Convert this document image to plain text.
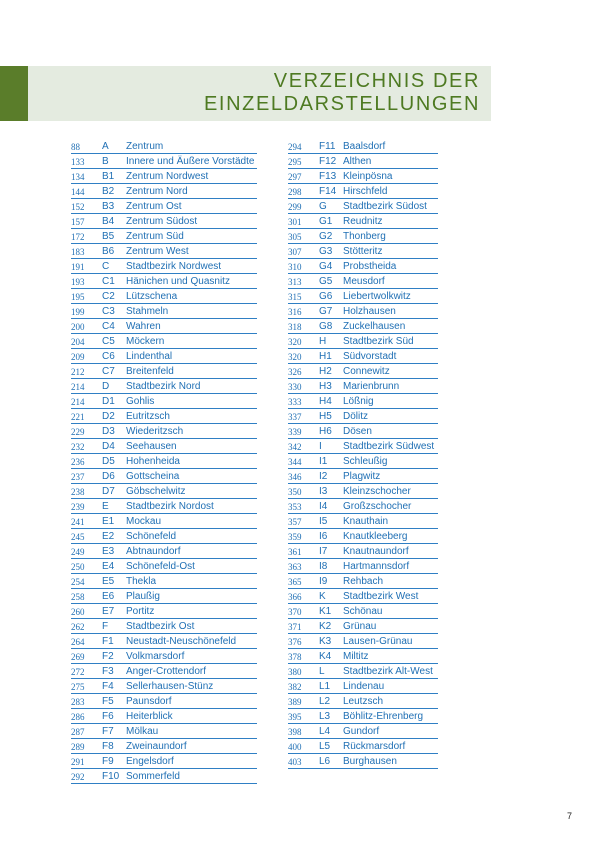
VERZEICHNIS DER
EINZELDARSTELLUNGEN
88	A Zentrum
133	B Innere und Äußere Vorstädte
134	B1 Zentrum Nordwest
144	B2 Zentrum Nord
152	B3 Zentrum Ost
157	B4 Zentrum Südost
172	B5 Zentrum Süd
183	B6 Zentrum West
191	C Stadtbezirk Nordwest
193	C1 Hänichen und Quasnitz
195	C2 Lützschena
199	C3 Stahmeln
200	C4 Wahren
204	C5 Möckern
209	C6 Lindenthal
212	C7 Breitenfeld
214	D Stadtbezirk Nord
214	D1 Gohlis
221	D2 Eutritzsch
229	D3 Wiederitzsch
232	D4 Seehausen
236	D5 Hohenheida
237	D6 Gottscheina
238	D7 Göbschelwitz
239	E Stadtbezirk Nordost
241	E1 Mockau
245	E2 Schönefeld
249	E3 Abtnaundorf
250	E4 Schönefeld-Ost
254	E5 Thekla
258	E6 Plaußig
260	E7 Portitz
262	F Stadtbezirk Ost
264	F1 Neustadt-Neuschönefeld
269	F2 Volkmarsdorf
272	F3 Anger-Crottendorf
275	F4 Sellerhausen-Stünz
283	F5 Paunsdorf
286	F6 Heiterblick
287	F7 Mölkau
289	F8 Zweinaundorf
291	F9 Engelsdorf
292	F10 Sommerfeld
294	F11 Baalsdorf
295	F12 Althen
297	F13 Kleinpösna
298	F14 Hirschfeld
299	G Stadtbezirk Südost
301	G1 Reudnitz
305	G2 Thonberg
307	G3 Stötteritz
310	G4 Probstheida
313	G5 Meusdorf
315	G6 Liebertwolkwitz
316	G7 Holzhausen
318	G8 Zuckelhausen
320	H Stadtbezirk Süd
320	H1 Südvorstadt
326	H2 Connewitz
330	H3 Marienbrunn
333	H4 Lößnig
337	H5 Dölitz
339	H6 Dösen
342	I Stadtbezirk Südwest
344	I1 Schleußig
346	I2 Plagwitz
350	I3 Kleinzschocher
353	I4 Großzschocher
357	I5 Knauthain
359	I6 Knautkleeberg
361	I7 Knautnaundorf
363	I8 Hartmannsdorf
365	I9 Rehbach
366	K Stadtbezirk West
370	K1 Schönau
371	K2 Grünau
376	K3 Lausen-Grünau
378	K4 Miltitz
380	L Stadtbezirk Alt-West
382	L1 Lindenau
389	L2 Leutzsch
395	L3 Böhlitz-Ehrenberg
398	L4 Gundorf
400	L5 Rückmarsdorf
403	L6 Burghausen
7
